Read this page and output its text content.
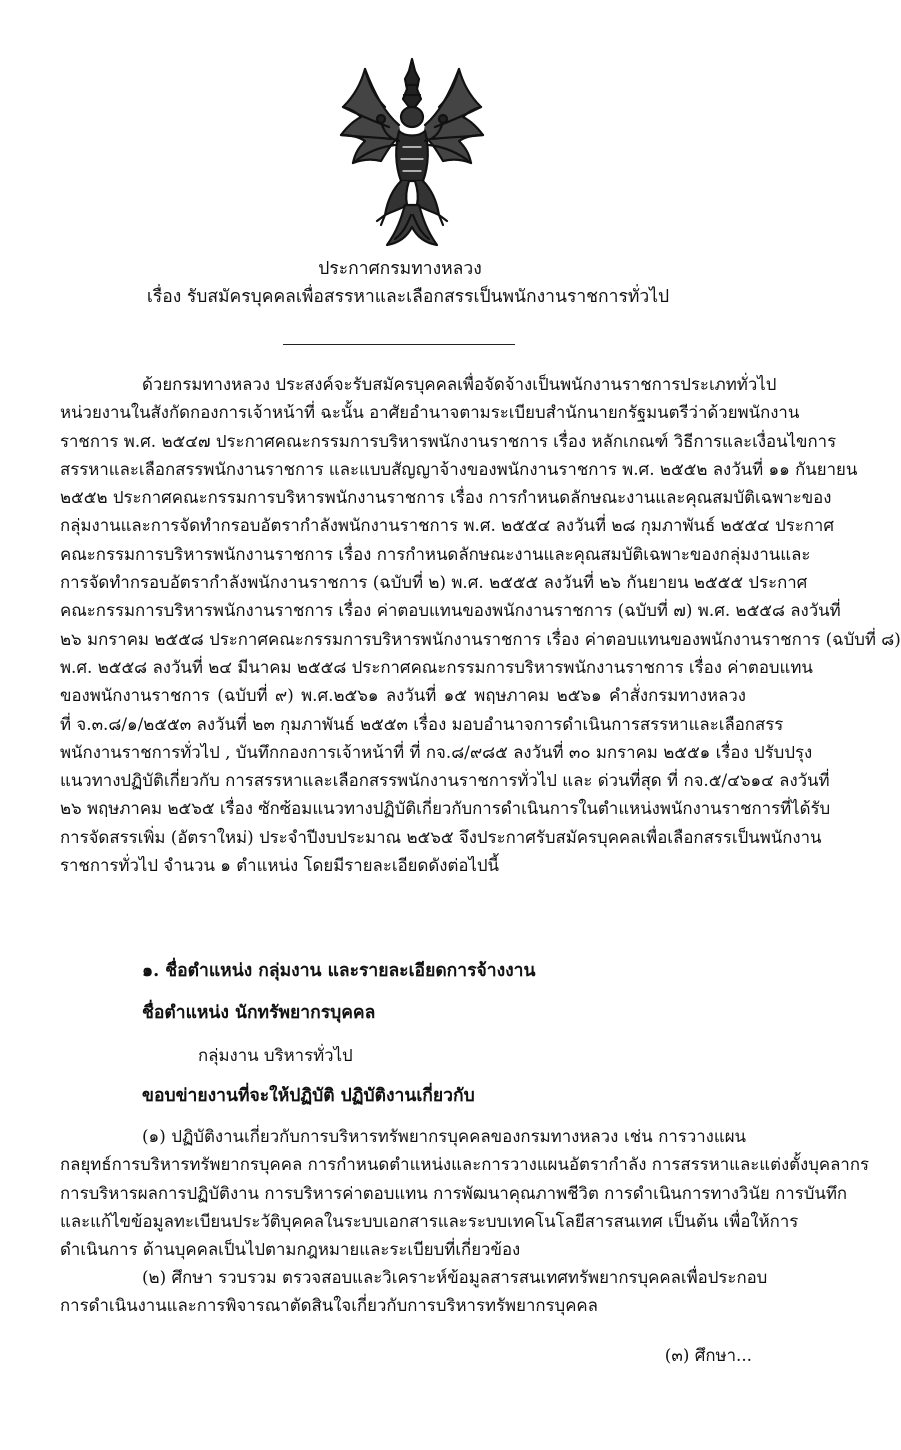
ประกาศกรมทางหลวง
เรื่อง รับสมัครบุคคลเพื่อสรรหาและเลือกสรรเป็นพนักงานราชการทั่วไป
ด้วยกรมทางหลวง ประสงค์จะรับสมัครบุคคลเพื่อจัดจ้างเป็นพนักงานราชการประเภททั่วไป
หน่วยงานในสังกัดกองการเจ้าหน้าที่ ฉะนั้น อาศัยอำนาจตามระเบียบสำนักนายกรัฐมนตรีว่าด้วยพนักงาน
ราชการ พ.ศ. ๒๕๔๗ ประกาศคณะกรรมการบริหารพนักงานราชการ เรื่อง หลักเกณฑ์ วิธีการและเงื่อนไขการ
สรรหาและเลือกสรรพนักงานราชการ และแบบสัญญาจ้างของพนักงานราชการ พ.ศ. ๒๕๕๒ ลงวันที่ ๑๑ กันยายน
๒๕๕๒ ประกาศคณะกรรมการบริหารพนักงานราชการ เรื่อง การกำหนดลักษณะงานและคุณสมบัติเฉพาะของ
กลุ่มงานและการจัดทำกรอบอัตรากำลังพนักงานราชการ พ.ศ. ๒๕๕๔ ลงวันที่ ๒๘ กุมภาพันธ์ ๒๕๕๔ ประกาศ
คณะกรรมการบริหารพนักงานราชการ เรื่อง การกำหนดลักษณะงานและคุณสมบัติเฉพาะของกลุ่มงานและ
การจัดทำกรอบอัตรากำลังพนักงานราชการ (ฉบับที่ ๒) พ.ศ. ๒๕๕๕ ลงวันที่ ๒๖ กันยายน ๒๕๕๕ ประกาศ
คณะกรรมการบริหารพนักงานราชการ เรื่อง ค่าตอบแทนของพนักงานราชการ (ฉบับที่ ๗) พ.ศ. ๒๕๕๘ ลงวันที่
๒๖ มกราคม ๒๕๕๘ ประกาศคณะกรรมการบริหารพนักงานราชการ เรื่อง ค่าตอบแทนของพนักงานราชการ (ฉบับที่ ๘)
พ.ศ. ๒๕๕๘ ลงวันที่ ๒๔ มีนาคม ๒๕๕๘ ประกาศคณะกรรมการบริหารพนักงานราชการ เรื่อง ค่าตอบแทน
ของพนักงานราชการ (ฉบับที่ ๙) พ.ศ.๒๕๖๑ ลงวันที่ ๑๕ พฤษภาคม ๒๕๖๑ คำสั่งกรมทางหลวง
ที่ จ.๓.๘/๑/๒๕๕๓ ลงวันที่ ๒๓ กุมภาพันธ์ ๒๕๕๓ เรื่อง มอบอำนาจการดำเนินการสรรหาและเลือกสรร
พนักงานราชการทั่วไป , บันทึกกองการเจ้าหน้าที่ ที่ กจ.๘/๙๘๕ ลงวันที่ ๓๐ มกราคม ๒๕๕๑ เรื่อง ปรับปรุง
แนวทางปฏิบัติเกี่ยวกับ การสรรหาและเลือกสรรพนักงานราชการทั่วไป และ ด่วนที่สุด ที่ กจ.๕/๔๖๑๔ ลงวันที่
๒๖ พฤษภาคม ๒๕๖๕ เรื่อง ซักซ้อมแนวทางปฏิบัติเกี่ยวกับการดำเนินการในตำแหน่งพนักงานราชการที่ได้รับ
การจัดสรรเพิ่ม (อัตราใหม่) ประจำปีงบประมาณ ๒๕๖๕ จึงประกาศรับสมัครบุคคลเพื่อเลือกสรรเป็นพนักงาน
ราชการทั่วไป จำนวน ๑ ตำแหน่ง โดยมีรายละเอียดดังต่อไปนี้
๑. ชื่อตำแหน่ง กลุ่มงาน และรายละเอียดการจ้างงาน
ชื่อตำแหน่ง นักทรัพยากรบุคคล
กลุ่มงาน บริหารทั่วไป
ขอบข่ายงานที่จะให้ปฏิบัติ ปฏิบัติงานเกี่ยวกับ
(๑) ปฏิบัติงานเกี่ยวกับการบริหารทรัพยากรบุคคลของกรมทางหลวง เช่น การวางแผน
กลยุทธ์การบริหารทรัพยากรบุคคล การกำหนดตำแหน่งและการวางแผนอัตรากำลัง การสรรหาและแต่งตั้งบุคลากร
การบริหารผลการปฏิบัติงาน การบริหารค่าตอบแทน การพัฒนาคุณภาพชีวิต การดำเนินการทางวินัย การบันทึก
และแก้ไขข้อมูลทะเบียนประวัติบุคคลในระบบเอกสารและระบบเทคโนโลยีสารสนเทศ เป็นต้น เพื่อให้การ
ดำเนินการ ด้านบุคคลเป็นไปตามกฎหมายและระเบียบที่เกี่ยวข้อง
(๒) ศึกษา รวบรวม ตรวจสอบและวิเคราะห์ข้อมูลสารสนเทศทรัพยากรบุคคลเพื่อประกอบ
การดำเนินงานและการพิจารณาตัดสินใจเกี่ยวกับการบริหารทรัพยากรบุคคล
(๓) ศึกษา...
